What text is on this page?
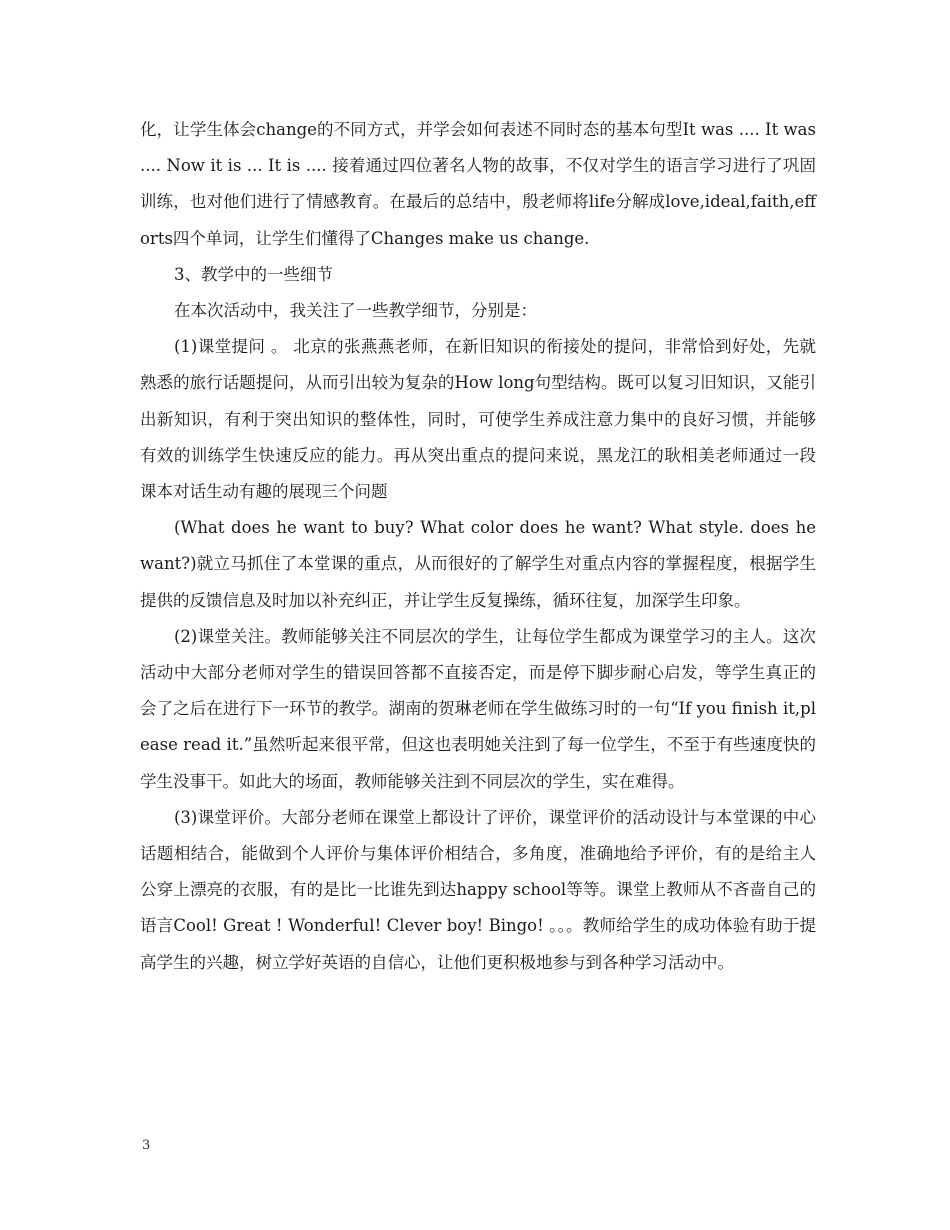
化，让学生体会change的不同方式，并学会如何表述不同时态的基本句型It was .... It was .... Now it is ... It is .... 接着通过四位著名人物的故事，不仅对学生的语言学习进行了巩固训练，也对他们进行了情感教育。在最后的总结中，殷老师将life分解成love,ideal,faith,efforts四个单词，让学生们懂得了Changes make us change.

3、教学中的一些细节

在本次活动中，我关注了一些教学细节，分别是：

(1)课堂提问 。 北京的张燕燕老师，在新旧知识的衔接处的提问，非常恰到好处，先就熟悉的旅行话题提问，从而引出较为复杂的How long句型结构。既可以复习旧知识，又能引出新知识，有利于突出知识的整体性，同时，可使学生养成注意力集中的良好习惯，并能够有效的训练学生快速反应的能力。再从突出重点的提问来说，黑龙江的耿相美老师通过一段课本对话生动有趣的展现三个问题

(What does he want to buy? What color does he want? What style. does he want?)就立马抓住了本堂课的重点，从而很好的了解学生对重点内容的掌握程度，根据学生提供的反馈信息及时加以补充纠正，并让学生反复操练，循环往复，加深学生印象。

(2)课堂关注。教师能够关注不同层次的学生，让每位学生都成为课堂学习的主人。这次活动中大部分老师对学生的错误回答都不直接否定，而是停下脚步耐心启发，等学生真正的会了之后在进行下一环节的教学。湖南的贺琳老师在学生做练习时的一句“If you finish it,please read it.”虽然听起来很平常，但这也表明她关注到了每一位学生，不至于有些速度快的学生没事干。如此大的场面，教师能够关注到不同层次的学生，实在难得。

(3)课堂评价。大部分老师在课堂上都设计了评价，课堂评价的活动设计与本堂课的中心话题相结合，能做到个人评价与集体评价相结合，多角度，准确地给予评价，有的是给主人公穿上漂亮的衣服，有的是比一比谁先到达happy school等等。课堂上教师从不吝啬自己的语言Cool! Great ! Wonderful! Clever boy! Bingo! 。。。教师给学生的成功体验有助于提高学生的兴趣，树立学好英语的自信心，让他们更积极地参与到各种学习活动中。

3
